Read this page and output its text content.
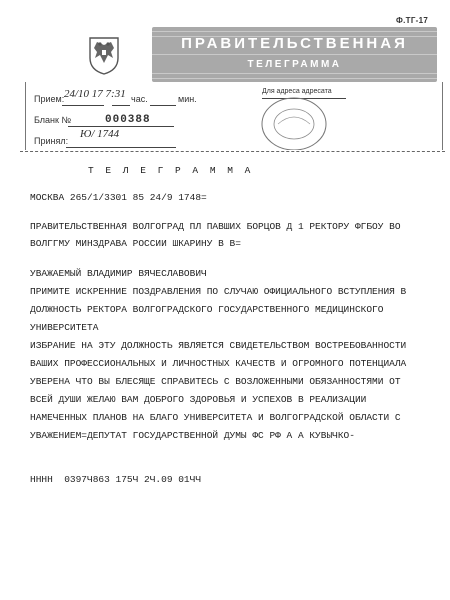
Ф.ТГ-17
ПРАВИТЕЛЬСТВЕННАЯ
ТЕЛЕГРАММА
Прием: 24/10 17 7:31 час.	мин.
Бланк №	000388
Принял:
Ю/ 1744
Для адреса адресата
Т Е Л Е Г Р А М М А
МОСКВА 265/1/3301 85 24/9 1748=
ПРАВИТЕЛЬСТВЕННАЯ ВОЛГОГРАД ПЛ ПАВШИХ БОРЦОВ Д 1 РЕКТОРУ ФГБОУ ВО
ВОЛГГМУ МИНЗДРАВА РОССИИ ШКАРИНУ В В=
УВАЖАЕМЫЙ ВЛАДИМИР ВЯЧЕСЛАВОВИЧ
ПРИМИТЕ ИСКРЕННИЕ ПОЗДРАВЛЕНИЯ ПО СЛУЧАЮ ОФИЦИАЛЬНОГО ВСТУПЛЕНИЯ В
ДОЛЖНОСТЬ РЕКТОРА ВОЛГОГРАДСКОГО ГОСУДАРСТВЕННОГО МЕДИЦИНСКОГО
УНИВЕРСИТЕТА
ИЗБРАНИЕ НА ЭТУ ДОЛЖНОСТЬ ЯВЛЯЕТСЯ СВИДЕТЕЛЬСТВОМ ВОСТРЕБОВАННОСТИ
ВАШИХ ПРОФЕССИОНАЛЬНЫХ И ЛИЧНОСТНЫХ КАЧЕСТВ И ОГРОМНОГО ПОТЕНЦИАЛА
УВЕРЕНА ЧТО ВЫ БЛЕСЯЩЕ СПРАВИТЕСЬ С ВОЗЛОЖЕННЫМИ ОБЯЗАННОСТЯМИ ОТ
ВСЕЙ ДУШИ ЖЕЛАЮ ВАМ ДОБРОГО ЗДОРОВЬЯ И УСПЕХОВ В РЕАЛИЗАЦИИ
НАМЕЧЕННЫХ ПЛАНОВ НА БЛАГО УНИВЕРСИТЕТА И ВОЛГОГРАДСКОЙ ОБЛАСТИ С
УВАЖЕНИЕМ=ДЕПУТАТ ГОСУДАРСТВЕННОЙ ДУМЫ ФС РФ А А КУВЫЧКО-
НННН  0397Ч863 175Ч 2Ч.09 01ЧЧ
